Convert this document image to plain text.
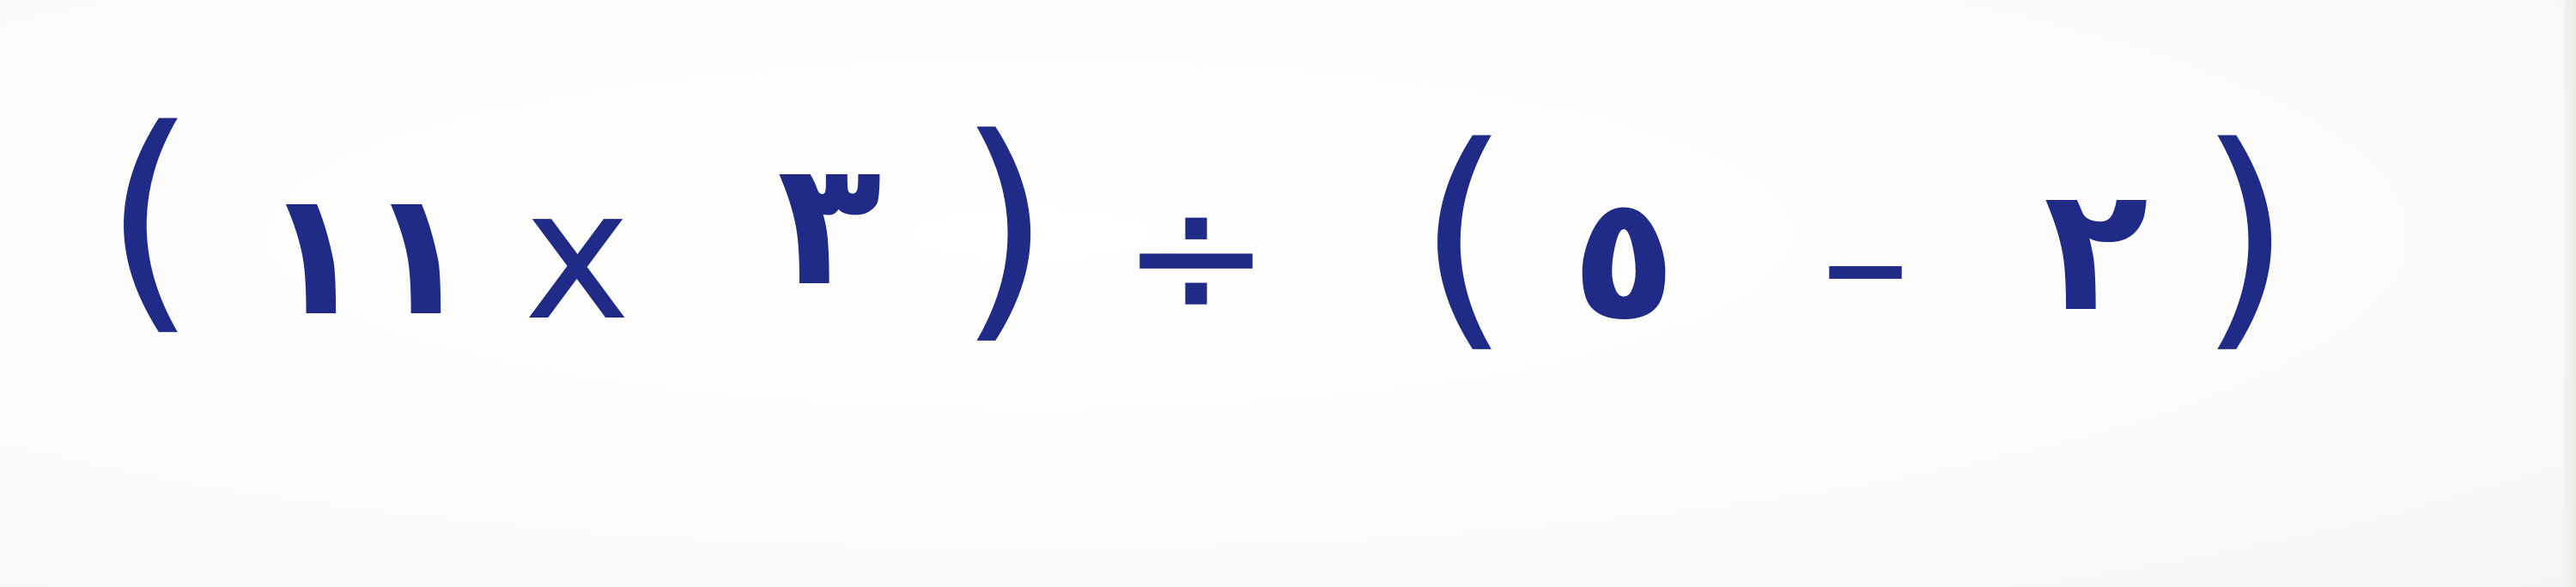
( ١١ x ٣ ) ÷ ( ٥ – ٢ )
